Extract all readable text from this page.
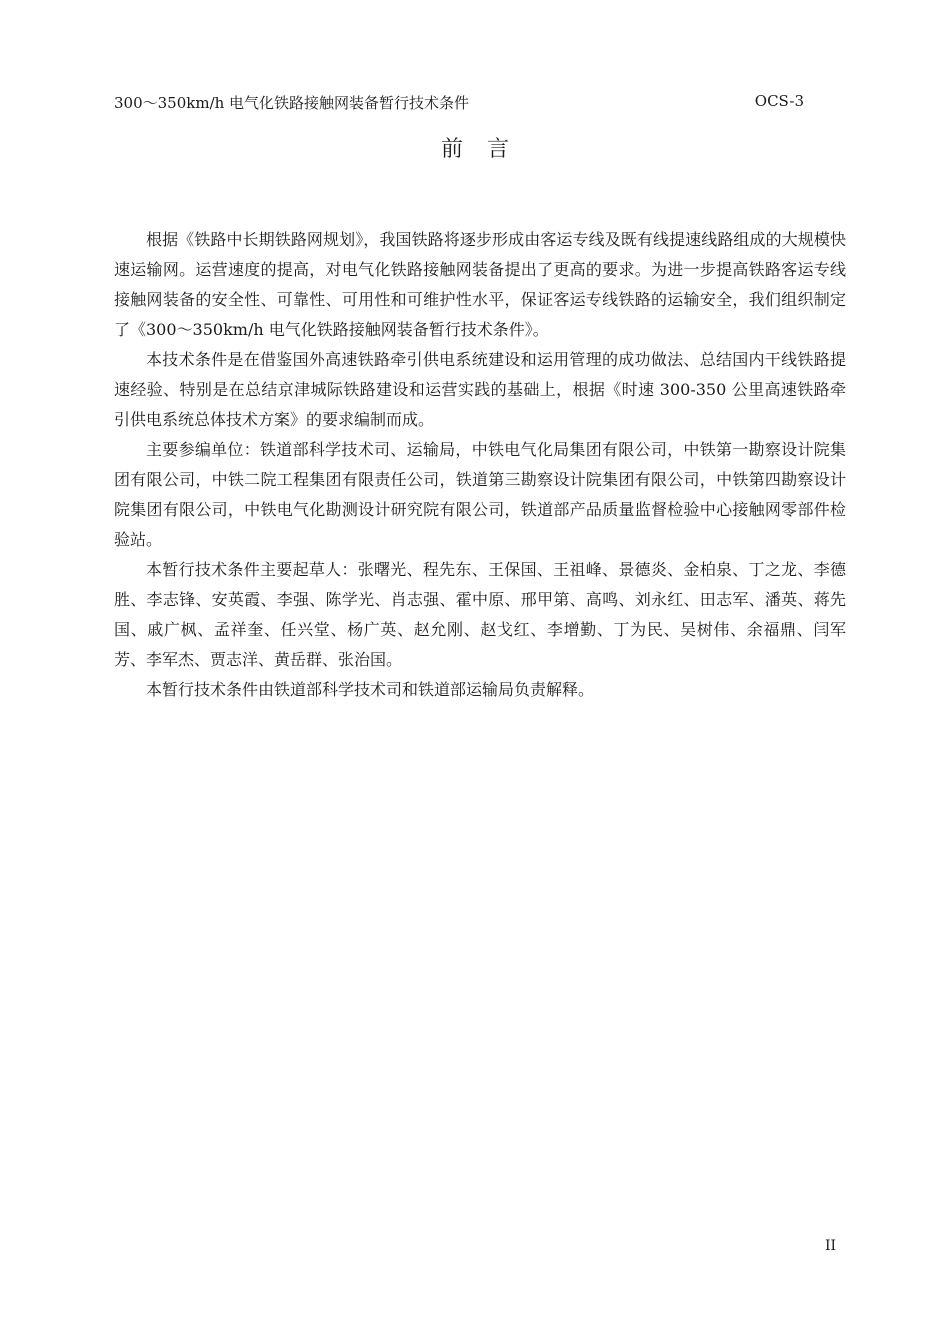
300～350km/h 电气化铁路接触网装备暂行技术条件	OCS-3
前言

根据《铁路中长期铁路网规划》，我国铁路将逐步形成由客运专线及既有线提速线路组成的大规模快速运输网。运营速度的提高，对电气化铁路接触网装备提出了更高的要求。为进一步提高铁路客运专线接触网装备的安全性、可靠性、可用性和可维护性水平，保证客运专线铁路的运输安全，我们组织制定了《300～350km/h 电气化铁路接触网装备暂行技术条件》。

本技术条件是在借鉴国外高速铁路牵引供电系统建设和运用管理的成功做法、总结国内干线铁路提速经验、特别是在总结京津城际铁路建设和运营实践的基础上，根据《时速 300-350 公里高速铁路牵引供电系统总体技术方案》的要求编制而成。

主要参编单位：铁道部科学技术司、运输局，中铁电气化局集团有限公司，中铁第一勘察设计院集团有限公司，中铁二院工程集团有限责任公司，铁道第三勘察设计院集团有限公司，中铁第四勘察设计院集团有限公司，中铁电气化勘测设计研究院有限公司，铁道部产品质量监督检验中心接触网零部件检验站。

本暂行技术条件主要起草人：张曙光、程先东、王保国、王祖峰、景德炎、金柏泉、丁之龙、李德胜、李志锋、安英霞、李强、陈学光、肖志强、霍中原、邢甲第、高鸣、刘永红、田志军、潘英、蒋先国、戚广枫、孟祥奎、任兴堂、杨广英、赵允刚、赵戈红、李增勤、丁为民、吴树伟、余福鼎、闫军芳、李军杰、贾志洋、黄岳群、张治国。

本暂行技术条件由铁道部科学技术司和铁道部运输局负责解释。

II
